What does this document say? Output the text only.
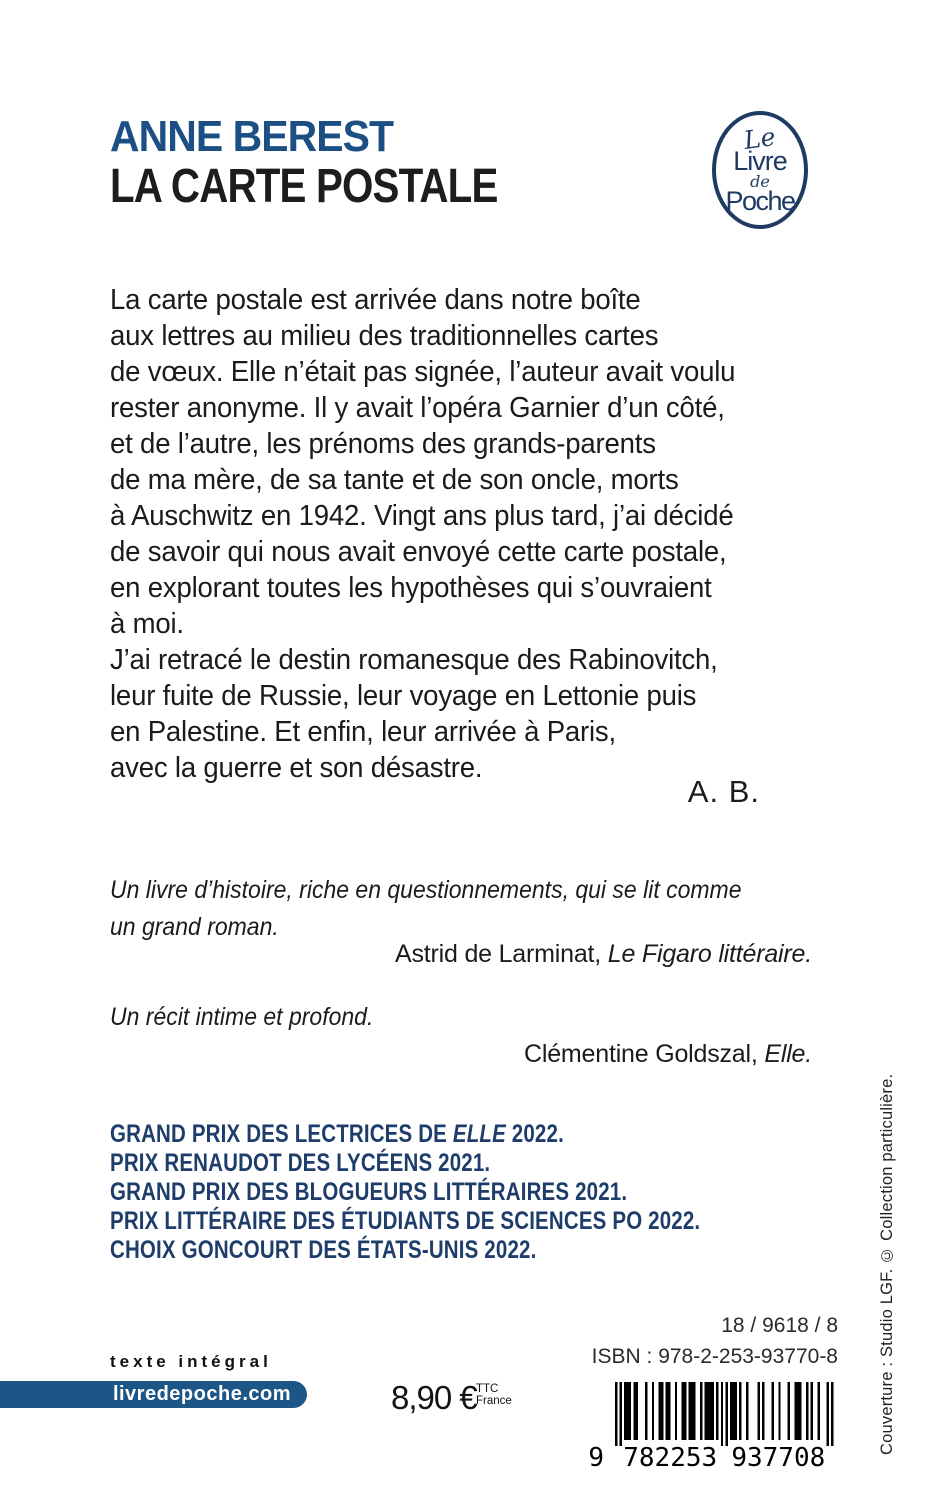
ANNE BEREST
LA CARTE POSTALE
Le
Livre
de
Poche
La carte postale est arrivée dans notre boîte
aux lettres au milieu des traditionnelles cartes
de vœux. Elle n’était pas signée, l’auteur avait voulu
rester anonyme. Il y avait l’opéra Garnier d’un côté,
et de l’autre, les prénoms des grands-parents
de ma mère, de sa tante et de son oncle, morts
à Auschwitz en 1942. Vingt ans plus tard, j’ai décidé
de savoir qui nous avait envoyé cette carte postale,
en explorant toutes les hypothèses qui s’ouvraient
à moi.
J’ai retracé le destin romanesque des Rabinovitch,
leur fuite de Russie, leur voyage en Lettonie puis
en Palestine. Et enfin, leur arrivée à Paris,
avec la guerre et son désastre.
A. B.
Un livre d’histoire, riche en questionnements, qui se lit comme
un grand roman.
Astrid de Larminat, Le Figaro littéraire.
Un récit intime et profond.
Clémentine Goldszal, Elle.
GRAND PRIX DES LECTRICES DE ELLE 2022.
PRIX RENAUDOT DES LYCÉENS 2021.
GRAND PRIX DES BLOGUEURS LITTÉRAIRES 2021.
PRIX LITTÉRAIRE DES ÉTUDIANTS DE SCIENCES PO 2022.
CHOIX GONCOURT DES ÉTATS-UNIS 2022.
texte intégral
livredepoche.com	8,90 € TTC
France
18 / 9618 / 8
ISBN : 978-2-253-93770-8
9 782253 937708
Couverture : Studio LGF. © Collection particulière.
